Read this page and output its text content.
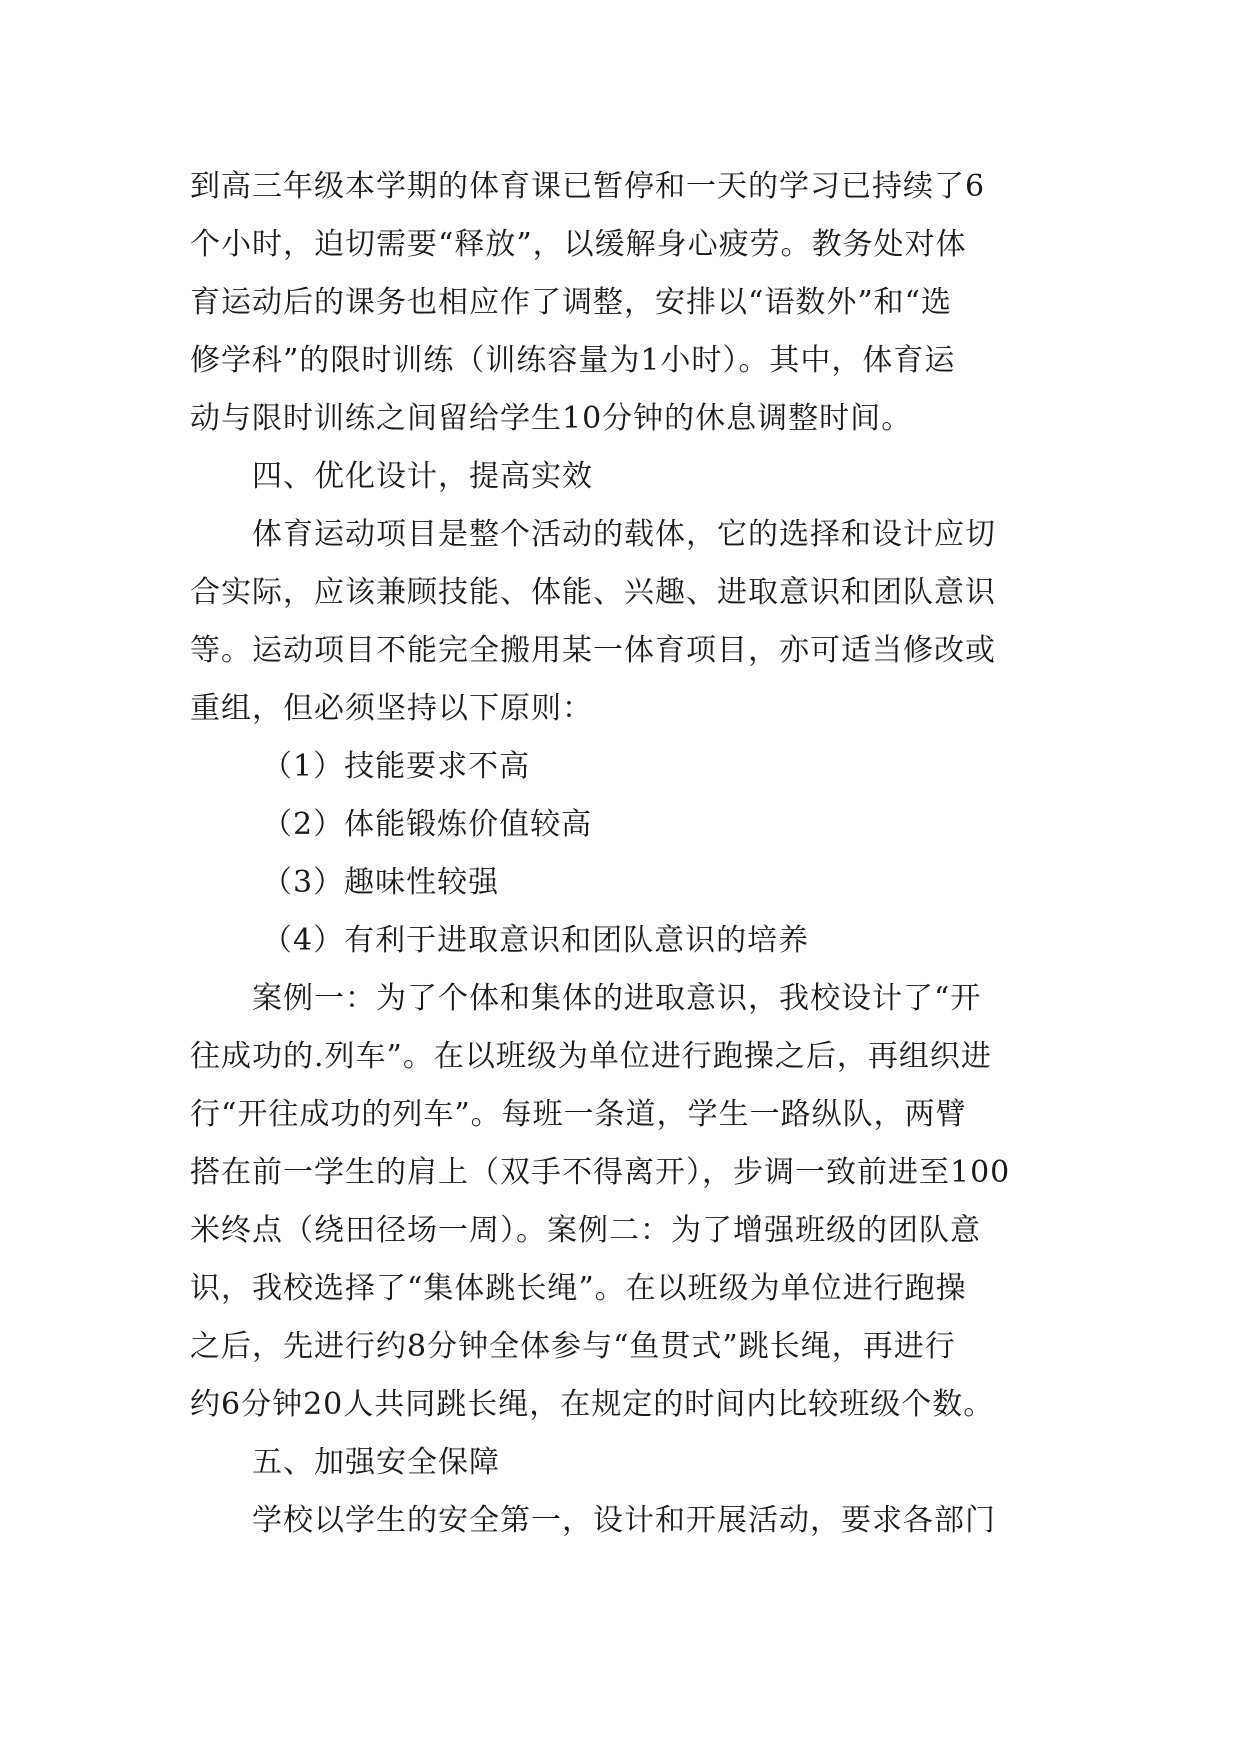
到高三年级本学期的体育课已暂停和一天的学习已持续了6
个小时，迫切需要“释放”，以缓解身心疲劳。教务处对体
育运动后的课务也相应作了调整，安排以“语数外”和“选
修学科”的限时训练（训练容量为1小时）。其中，体育运
动与限时训练之间留给学生10分钟的休息调整时间。
四、优化设计，提高实效
体育运动项目是整个活动的载体，它的选择和设计应切
合实际，应该兼顾技能、体能、兴趣、进取意识和团队意识
等。运动项目不能完全搬用某一体育项目，亦可适当修改或
重组，但必须坚持以下原则：
（1）技能要求不高
（2）体能锻炼价值较高
（3）趣味性较强
（4）有利于进取意识和团队意识的培养
案例一：为了个体和集体的进取意识，我校设计了“开
往成功的.列车”。在以班级为单位进行跑操之后，再组织进
行“开往成功的列车”。每班一条道，学生一路纵队，两臂
搭在前一学生的肩上（双手不得离开），步调一致前进至100
米终点（绕田径场一周）。案例二：为了增强班级的团队意
识，我校选择了“集体跳长绳”。在以班级为单位进行跑操
之后，先进行约8分钟全体参与“鱼贯式”跳长绳，再进行
约6分钟20人共同跳长绳，在规定的时间内比较班级个数。
五、加强安全保障
学校以学生的安全第一，设计和开展活动，要求各部门
